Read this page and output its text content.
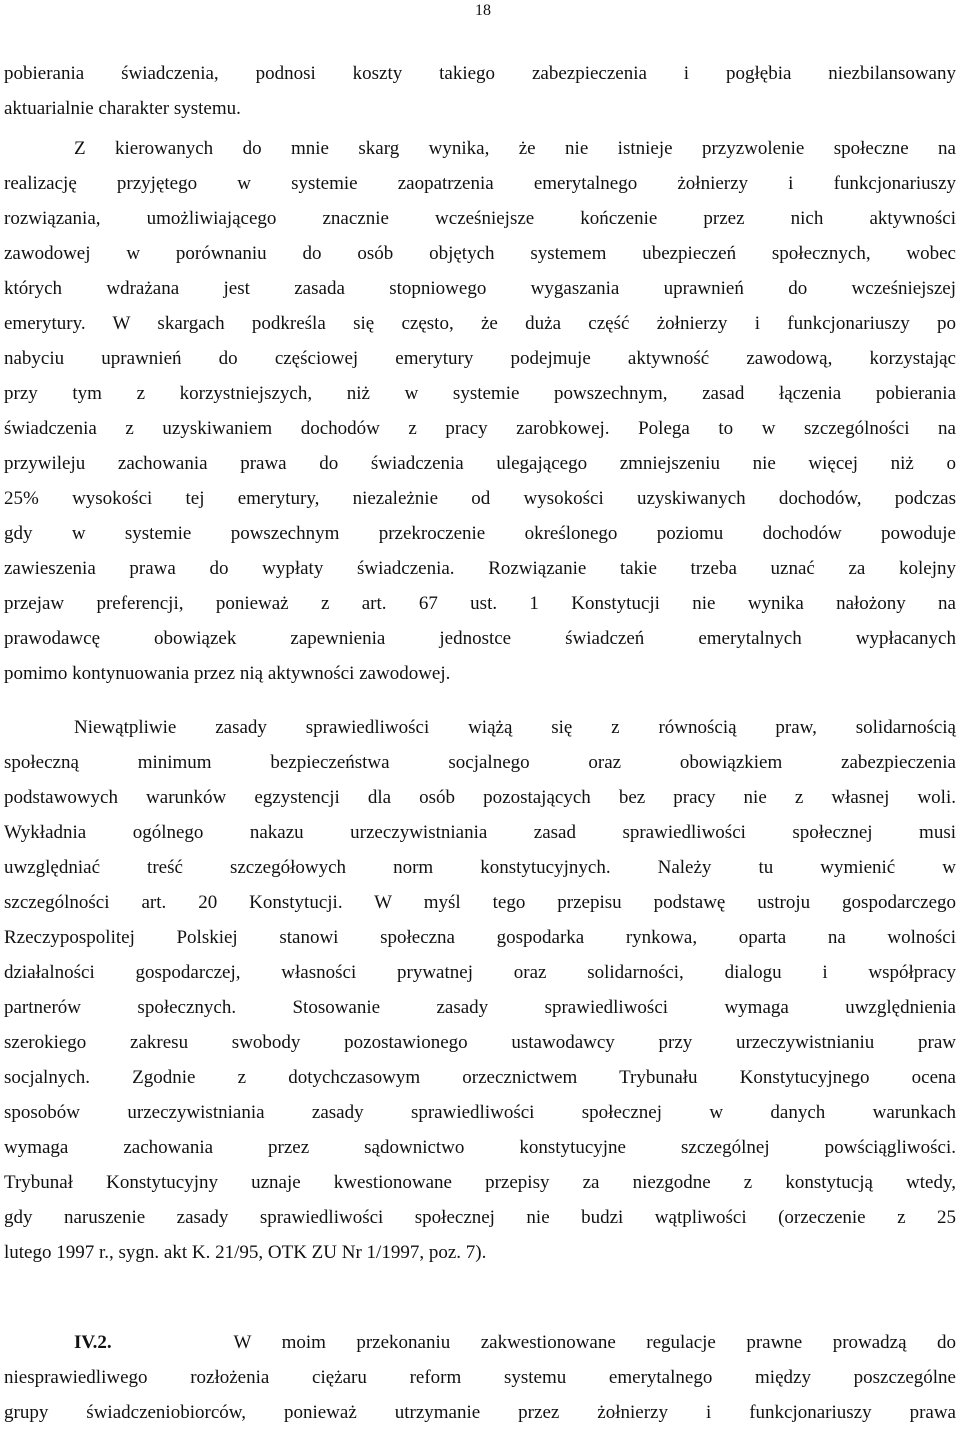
18
pobierania świadczenia, podnosi koszty takiego zabezpieczenia i pogłębia niezbilansowany
aktuarialnie charakter systemu.
Z kierowanych do mnie skarg wynika, że nie istnieje przyzwolenie społeczne na
realizację przyjętego w systemie zaopatrzenia emerytalnego żołnierzy i funkcjonariuszy
rozwiązania, umożliwiającego znacznie wcześniejsze kończenie przez nich aktywności
zawodowej w porównaniu do osób objętych systemem ubezpieczeń społecznych, wobec
których wdrażana jest zasada stopniowego wygaszania uprawnień do wcześniejszej
emerytury. W skargach podkreśla się często, że duża część żołnierzy i funkcjonariuszy po
nabyciu uprawnień do częściowej emerytury podejmuje aktywność zawodową, korzystając
przy tym z korzystniejszych, niż w systemie powszechnym, zasad łączenia pobierania
świadczenia z uzyskiwaniem dochodów z pracy zarobkowej. Polega to w szczególności na
przywileju zachowania prawa do świadczenia ulegającego zmniejszeniu nie więcej niż o
25% wysokości tej emerytury, niezależnie od wysokości uzyskiwanych dochodów, podczas
gdy w systemie powszechnym przekroczenie określonego poziomu dochodów powoduje
zawieszenia prawa do wypłaty świadczenia. Rozwiązanie takie trzeba uznać za kolejny
przejaw preferencji, ponieważ z art. 67 ust. 1 Konstytucji nie wynika nałożony na
prawodawcę obowiązek zapewnienia jednostce świadczeń emerytalnych wypłacanych
pomimo kontynuowania przez nią aktywności zawodowej.
Niewątpliwie zasady sprawiedliwości wiążą się z równością praw, solidarnością
społeczną minimum bezpieczeństwa socjalnego oraz obowiązkiem zabezpieczenia
podstawowych warunków egzystencji dla osób pozostających bez pracy nie z własnej woli.
Wykładnia ogólnego nakazu urzeczywistniania zasad sprawiedliwości społecznej musi
uwzględniać treść szczegółowych norm konstytucyjnych. Należy tu wymienić w
szczególności art. 20 Konstytucji. W myśl tego przepisu podstawę ustroju gospodarczego
Rzeczypospolitej Polskiej stanowi społeczna gospodarka rynkowa, oparta na wolności
działalności gospodarczej, własności prywatnej oraz solidarności, dialogu i współpracy
partnerów społecznych. Stosowanie zasady sprawiedliwości wymaga uwzględnienia
szerokiego zakresu swobody pozostawionego ustawodawcy przy urzeczywistnianiu praw
socjalnych. Zgodnie z dotychczasowym orzecznictwem Trybunału Konstytucyjnego ocena
sposobów urzeczywistniania zasady sprawiedliwości społecznej w danych warunkach
wymaga zachowania przez sądownictwo konstytucyjne szczególnej powściągliwości.
Trybunał Konstytucyjny uznaje kwestionowane przepisy za niezgodne z konstytucją wtedy,
gdy naruszenie zasady sprawiedliwości społecznej nie budzi wątpliwości (orzeczenie z 25
lutego 1997 r., sygn. akt K. 21/95, OTK ZU Nr 1/1997, poz. 7).
IV.2.	W moim przekonaniu zakwestionowane regulacje prawne prowadzą do
niesprawiedliwego rozłożenia ciężaru reform systemu emerytalnego między poszczególne
grupy świadczeniobiorców, ponieważ utrzymanie przez żołnierzy i funkcjonariuszy prawa
